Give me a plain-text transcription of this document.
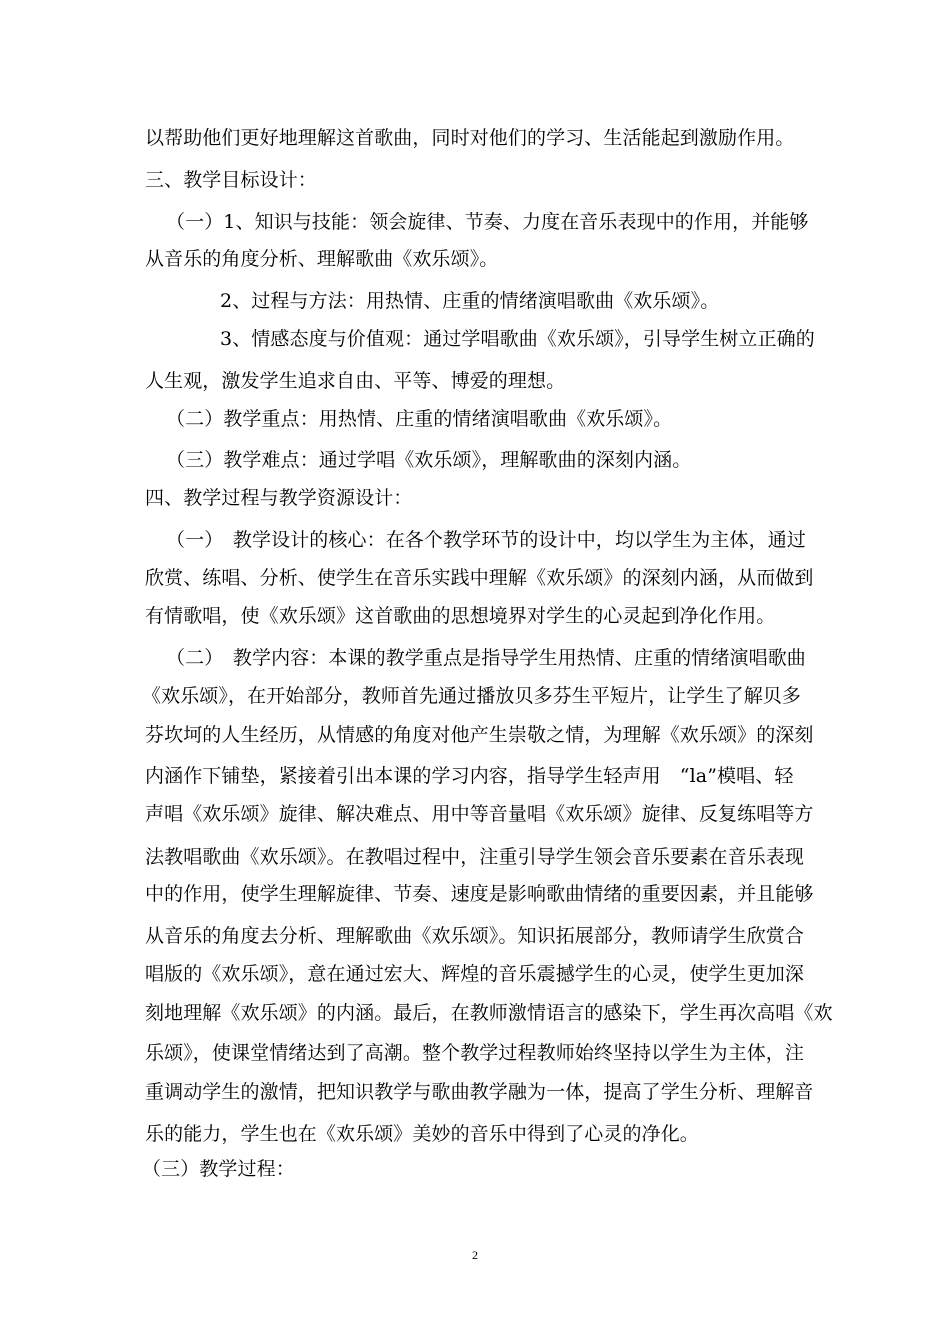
以帮助他们更好地理解这首歌曲，同时对他们的学习、生活能起到激励作用。
三、教学目标设计：
（一）1、知识与技能：领会旋律、节奏、力度在音乐表现中的作用，并能够
从音乐的角度分析、理解歌曲《欢乐颂》。
2、过程与方法：用热情、庄重的情绪演唱歌曲《欢乐颂》。
3、情感态度与价值观：通过学唱歌曲《欢乐颂》，引导学生树立正确的
人生观，激发学生追求自由、平等、博爱的理想。
（二）教学重点：用热情、庄重的情绪演唱歌曲《欢乐颂》。
（三）教学难点：通过学唱《欢乐颂》，理解歌曲的深刻内涵。
四、教学过程与教学资源设计：
（一）　教学设计的核心：在各个教学环节的设计中，均以学生为主体，通过
欣赏、练唱、分析、使学生在音乐实践中理解《欢乐颂》的深刻内涵，从而做到
有情歌唱，使《欢乐颂》这首歌曲的思想境界对学生的心灵起到净化作用。
（二）　教学内容：本课的教学重点是指导学生用热情、庄重的情绪演唱歌曲
《欢乐颂》，在开始部分，教师首先通过播放贝多芬生平短片，让学生了解贝多
芬坎坷的人生经历，从情感的角度对他产生崇敬之情，为理解《欢乐颂》的深刻
内涵作下铺垫，紧接着引出本课的学习内容，指导学生轻声用　“la”模唱、轻
声唱《欢乐颂》旋律、解决难点、用中等音量唱《欢乐颂》旋律、反复练唱等方
法教唱歌曲《欢乐颂》。在教唱过程中，注重引导学生领会音乐要素在音乐表现
中的作用，使学生理解旋律、节奏、速度是影响歌曲情绪的重要因素，并且能够
从音乐的角度去分析、理解歌曲《欢乐颂》。知识拓展部分，教师请学生欣赏合
唱版的《欢乐颂》，意在通过宏大、辉煌的音乐震撼学生的心灵，使学生更加深
刻地理解《欢乐颂》的内涵。最后，在教师激情语言的感染下，学生再次高唱《欢
乐颂》，使课堂情绪达到了高潮。整个教学过程教师始终坚持以学生为主体，注
重调动学生的激情，把知识教学与歌曲教学融为一体，提高了学生分析、理解音
乐的能力，学生也在《欢乐颂》美妙的音乐中得到了心灵的净化。
（三）教学过程：
2
